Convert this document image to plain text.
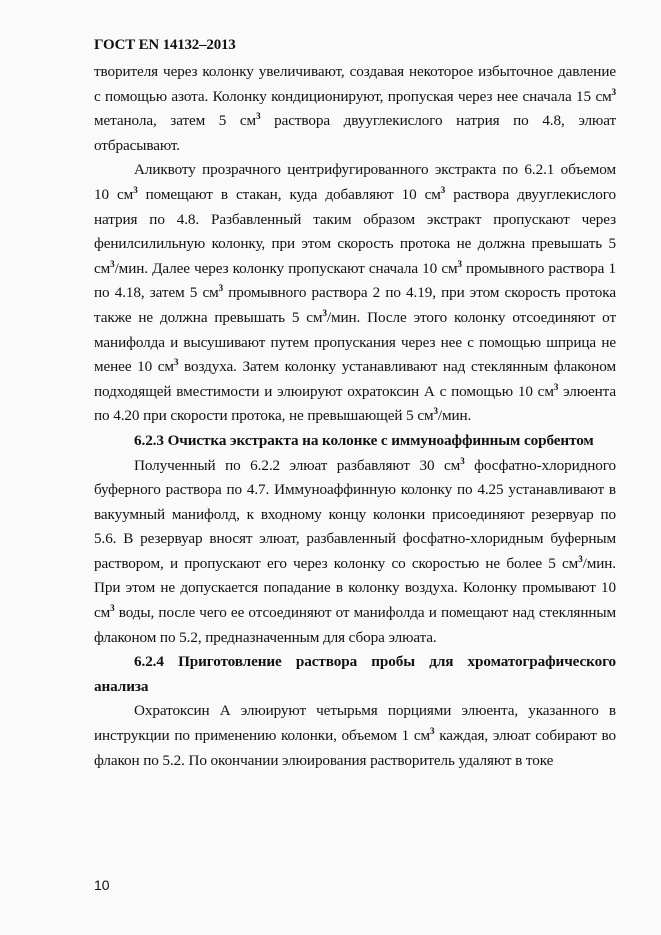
ГОСТ EN 14132–2013

творителя через колонку увеличивают, создавая некоторое избыточное давление с помощью азота. Колонку кондиционируют, пропуская через нее сначала 15 $см^3$ метанола, затем 5 $см^3$ раствора двууглекислого натрия по 4.8, элюат отбрасывают.

Аликвоту прозрачного центрифугированного экстракта по 6.2.1 объемом 10 $см^3$ помещают в стакан, куда добавляют 10 $см^3$ раствора двууглекислого натрия по 4.8. Разбавленный таким образом экстракт пропускают через фенилсилильную колонку, при этом скорость протока не должна превышать 5 $см^3$/мин. Далее через колонку пропускают сначала 10 $см^3$ промывного раствора 1 по 4.18, затем 5 $см^3$ промывного раствора 2 по 4.19, при этом скорость протока также не должна превышать 5 $см^3$/мин. После этого колонку отсоединяют от манифолда и высушивают путем пропускания через нее с помощью шприца не менее 10 $см^3$ воздуха. Затем колонку устанавливают над стеклянным флаконом подходящей вместимости и элюируют охратоксин А с помощью 10 $см^3$ элюента по 4.20 при скорости протока, не превышающей 5 $см^3$/мин.

6.2.3 Очистка экстракта на колонке с иммуноаффинным сорбентом

Полученный по 6.2.2 элюат разбавляют 30 $см^3$ фосфатно-хлоридного буферного раствора по 4.7. Иммуноаффинную колонку по 4.25 устанавливают в вакуумный манифолд, к входному концу колонки присоединяют резервуар по 5.6. В резервуар вносят элюат, разбавленный фосфатно-хлоридным буферным раствором, и пропускают его через колонку со скоростью не более 5 $см^3$/мин. При этом не допускается попадание в колонку воздуха. Колонку промывают 10 $см^3$ воды, после чего ее отсоединяют от манифолда и помещают над стеклянным флаконом по 5.2, предназначенным для сбора элюата.

6.2.4 Приготовление раствора пробы для хроматографического анализа

Охратоксин А элюируют четырьмя порциями элюента, указанного в инструкции по применению колонки, объемом 1 $см^3$ каждая, элюат собирают во флакон по 5.2. По окончании элюирования растворитель удаляют в токе

10
